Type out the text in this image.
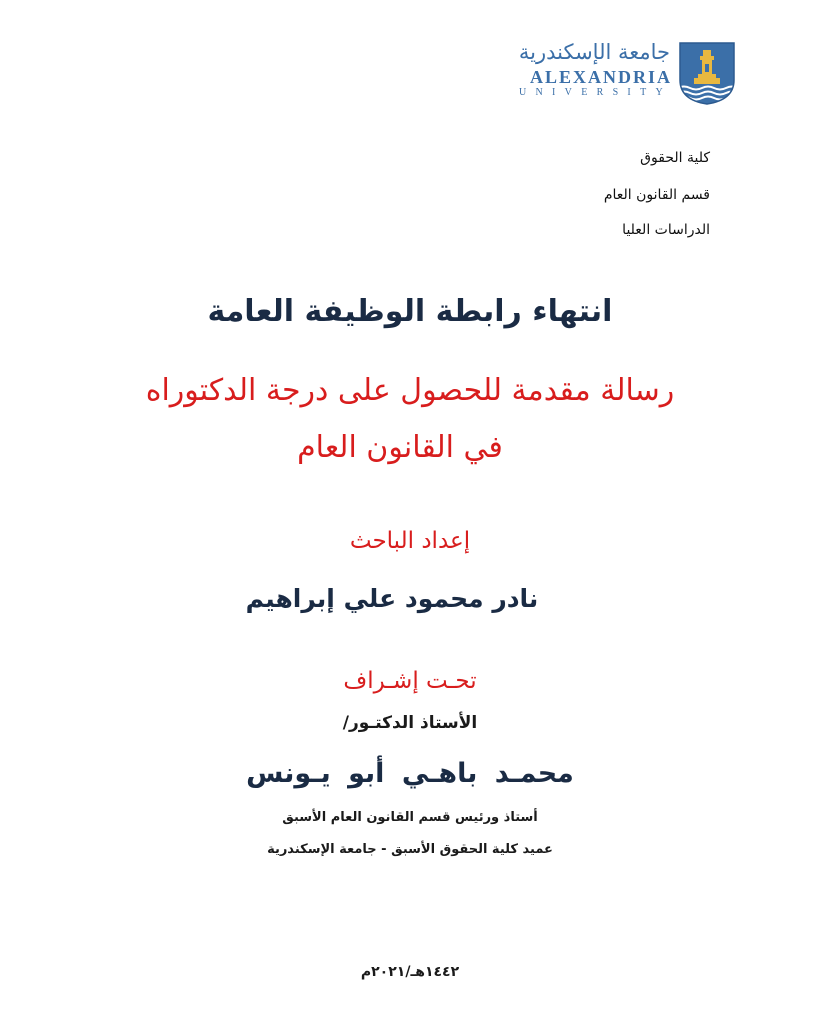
جامعة الإسكندرية
ALEXANDRIA
UNIVERSITY
كلية الحقوق
قسم القانون العام
الدراسات العليا
انتهاء رابطة الوظيفة العامة
رسالة مقدمة للحصول على درجة الدكتوراه
في القانون العام
إعداد الباحث
نادر محمود علي إبراهيم
تحـت إشـراف
الأستاذ الدكتـور/
محمـد باهـي أبو يـونس
أستاذ ورئيس قسم القانون العام الأسبق
عميد كلية الحقوق الأسبق - جامعة الإسكندرية
١٤٤٢هـ/٢٠٢١م
